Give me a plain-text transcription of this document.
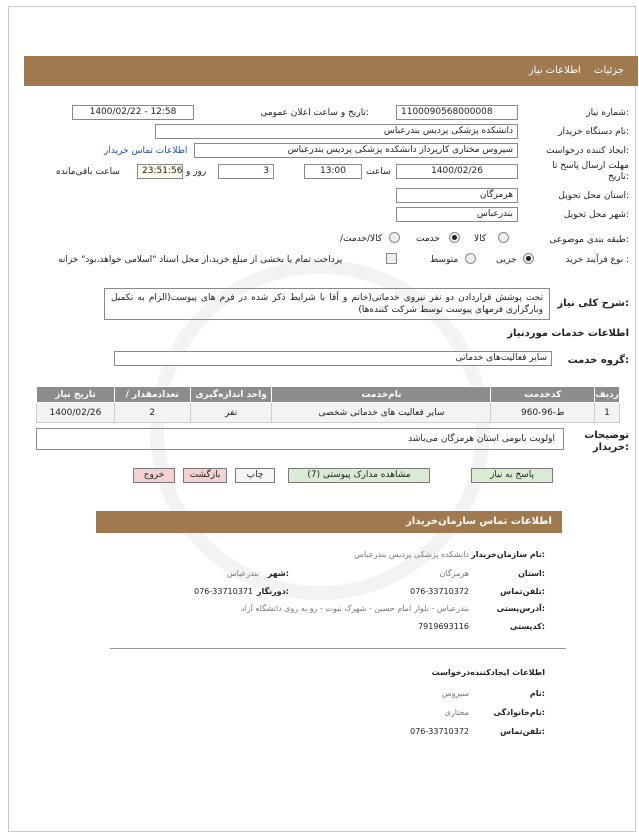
جزئیات اطلاعات نیاز
شماره نیاز:
1100090568000008
تاریخ و ساعت اعلان عمومی:
1400/02/22 - 12:58
نام دستگاه خریدار:
دانشکده پزشکی پردیس بندرعباس
ایجاد کننده درخواست:
سیروس مختاری کارپرداز دانشکده پزشکی پردیس بندرعباس
اطلاعات تماس خریدار
مهلت ارسال پاسخ تا تاریخ:
1400/02/26
ساعت
13:00
3
روز و
23:51:56
ساعت باقی‌مانده
استان محل تحویل:
هرمزگان
شهر محل تحویل:
بندرعباس
طبقه بندی موضوعی:
کالا
خدمت
/کالا/خدمت
نوع فرآیند خرید :
جزیی
متوسط
پرداخت تمام یا بخشی از مبلغ خرید،از محل اسناد "اسلامی خواهد،بود" خزانه
شرح کلی نیاز:
تحت پوشش قراردادن دو نفر نیروی خدماتی(خانم و آقا با شرایط ذکر شده در فرم های پیوست(الزام به تکمیل وبارگزاری فرمهای پیوست توسط شرکت کننده‌ها)
اطلاعات خدمات موردنیاز
گروه خدمت:
سایر فعالیت‌های خدماتی
تاریخ نیاز	/ تعداد‌مقدار	واحد اندازه‌گیری	نام‌خدمت	کدخدمت	ردیف
1400/02/26	2	نفر	سایر فعالیت های خدماتی شخصی	ط-96-960	1
توضیحات خریدار:
اولویت بابومی استان هرمزگان می‌باشد
پاسخ به نیاز
مشاهده مدارک پیوستی (7)
چاپ
بازگشت
خروج
اطلاعات تماس سازمان‌خریدار
نام سازمان‌خریدار:
دانشکده پزشکی پردیس بندرعباس
استان:
هرمزگان
شهر:
بندرعباس
تلفن‌تماس:
076-33710372
دورنگار:
076-33710371
آدرس‌پستی:
بندرعباس - بلوار امام حسین - شهرک نبوت - رو به روی دانشگاه آزاد
کدپستی:
7919693116
اطلاعات ایجادکننده‌درخواست
نام:
سیروس
نام‌خانوادگی:
مختاری
تلفن‌تماس:
076-33710372
